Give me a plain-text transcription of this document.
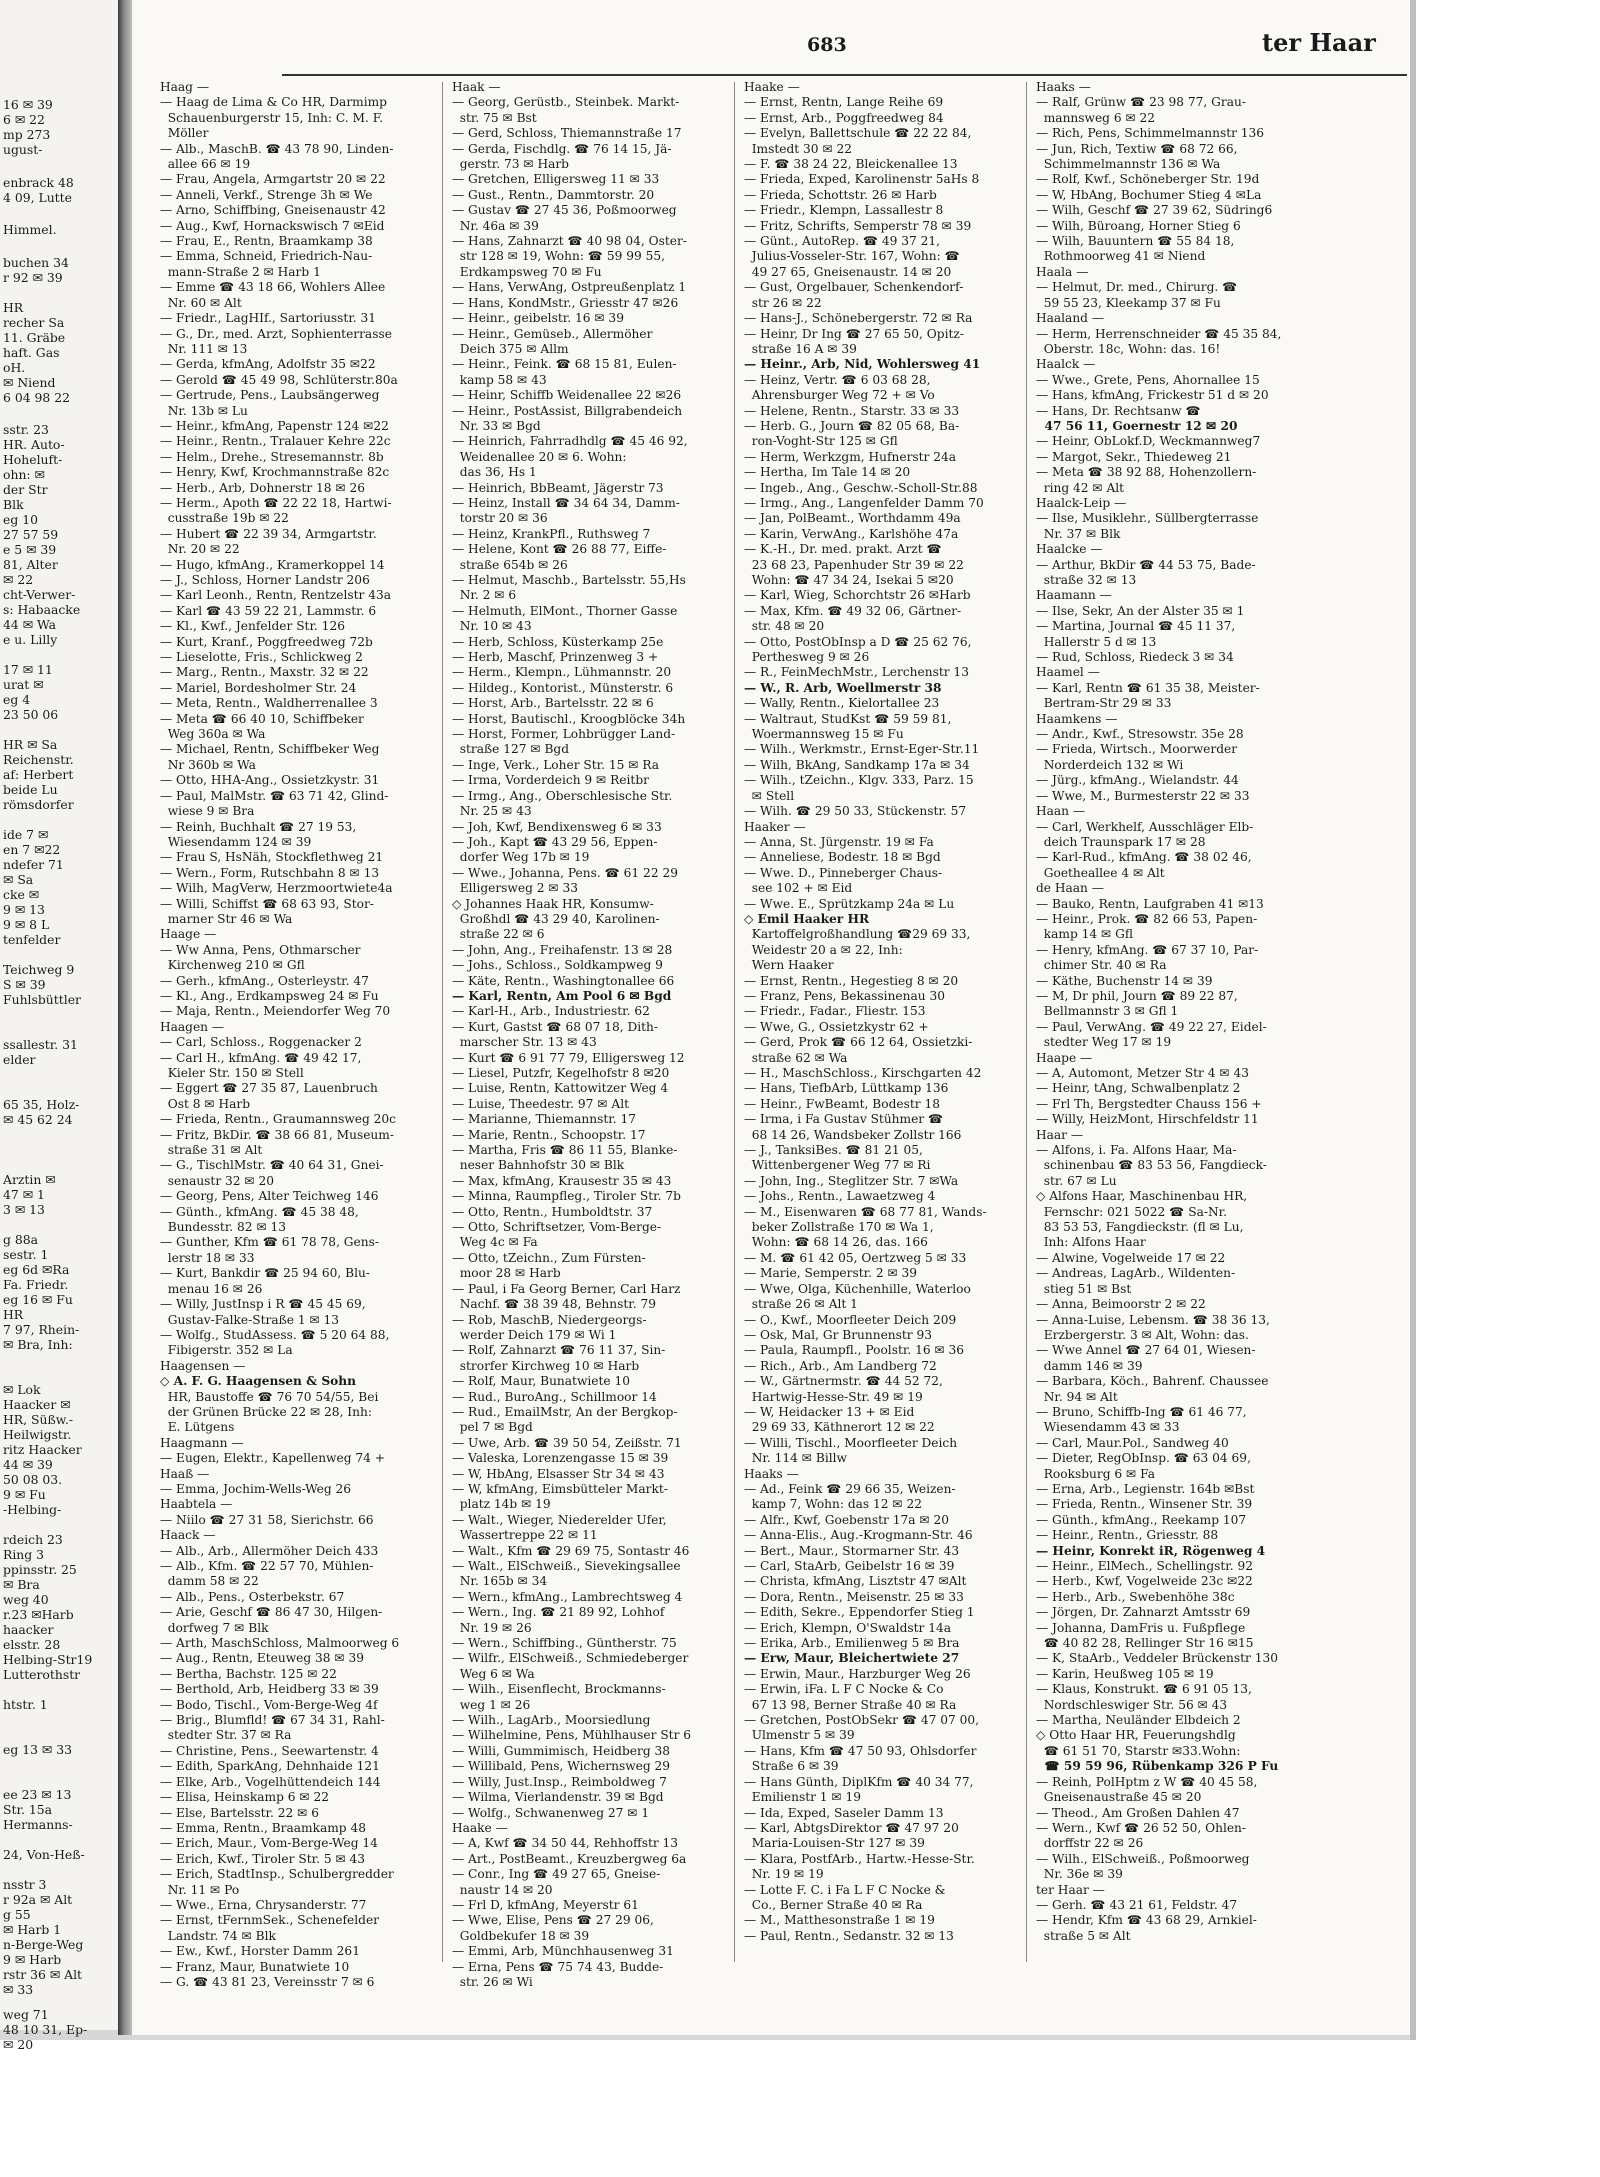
16 ✉ 39
6 ✉ 22
mp 273
ugust-
enbrack 48
4 09, Lutte
Himmel.
buchen 34
r 92 ✉ 39
HR
recher Sa
11. Gräbe
haft. Gas
oH.
✉ Niend
6 04 98 22
sstr. 23
HR. Auto-
Hoheluft-
ohn: ✉
der Str
Blk
eg 10
27 57 59
e 5 ✉ 39
81, Alter
✉ 22
cht-Verwer-
s: Habaacke
44 ✉ Wa
e u. Lilly
17 ✉ 11
urat ✉
eg 4
23 50 06
HR ✉ Sa
Reichenstr.
af: Herbert
beide Lu
römsdorfer
ide 7 ✉
en 7 ✉22
ndefer 71
✉ Sa
cke ✉
9 ✉ 13
9 ✉ 8 L
tenfelder
Teichweg 9
S ✉ 39
Fuhlsbüttler
ssallestr. 31
elder
65 35, Holz-
✉ 45 62 24
Arztin ✉
47 ✉ 1
3 ✉ 13
g 88a
sestr. 1
eg 6d ✉Ra
Fa. Friedr.
eg 16 ✉ Fu
HR
7 97, Rhein-
✉ Bra, Inh:
✉ Lok
Haacker ✉
HR, Süßw.-
Heilwigstr.
ritz Haacker
44 ✉ 39
50 08 03.
9 ✉ Fu
-Helbing-
rdeich 23
Ring 3
ppinsstr. 25
✉ Bra
weg 40
r.23 ✉Harb
haacker
elsstr. 28
Helbing-Str19
Lutterothstr
htstr. 1
eg 13 ✉ 33
ee 23 ✉ 13
Str. 15a
Hermanns-
24, Von-Heß-
nsstr 3
r 92a ✉ Alt
g 55
✉ Harb 1
n-Berge-Weg
9 ✉ Harb
rstr 36 ✉ Alt
✉ 33
weg 71
48 10 31, Ep-
✉ 20
683	ter Haar
Haag —
— Haag de Lima & Co HR, Darmimp
Schauenburgerstr 15, Inh: C. M. F.
Möller
— Alb., MaschB. ☎ 43 78 90, Linden-
allee 66 ✉ 19
— Frau, Angela, Armgartstr 20 ✉ 22
— Anneli, Verkf., Strenge 3h ✉ We
— Arno, Schiffbing, Gneisenaustr 42
— Aug., Kwf, Hornackswisch 7 ✉Eid
— Frau, E., Rentn, Braamkamp 38
— Emma, Schneid, Friedrich-Nau-
mann-Straße 2 ✉ Harb 1
— Emme ☎ 43 18 66, Wohlers Allee
Nr. 60 ✉ Alt
— Friedr., LagHIf., Sartoriusstr. 31
— G., Dr., med. Arzt, Sophienterrasse
Nr. 111 ✉ 13
— Gerda, kfmAng, Adolfstr 35 ✉22
— Gerold ☎ 45 49 98, Schlüterstr.80a
— Gertrude, Pens., Laubsängerweg
Nr. 13b ✉ Lu
— Heinr., kfmAng, Papenstr 124 ✉22
— Heinr., Rentn., Tralauer Kehre 22c
— Helm., Drehe., Stresemannstr. 8b
— Henry, Kwf, Krochmannstraße 82c
— Herb., Arb, Dohnerstr 18 ✉ 26
— Herm., Apoth ☎ 22 22 18, Hartwi-
cusstraße 19b ✉ 22
— Hubert ☎ 22 39 34, Armgartstr.
Nr. 20 ✉ 22
— Hugo, kfmAng., Kramerkoppel 14
— J., Schloss, Horner Landstr 206
— Karl Leonh., Rentn, Rentzelstr 43a
— Karl ☎ 43 59 22 21, Lammstr. 6
— Kl., Kwf., Jenfelder Str. 126
— Kurt, Kranf., Poggfreedweg 72b
— Lieselotte, Fris., Schlickweg 2
— Marg., Rentn., Maxstr. 32 ✉ 22
— Mariel, Bordesholmer Str. 24
— Meta, Rentn., Waldherrenallee 3
— Meta ☎ 66 40 10, Schiffbeker
Weg 360a ✉ Wa
— Michael, Rentn, Schiffbeker Weg
Nr 360b ✉ Wa
— Otto, HHA-Ang., Ossietzkystr. 31
— Paul, MalMstr. ☎ 63 71 42, Glind-
wiese 9 ✉ Bra
— Reinh, Buchhalt ☎ 27 19 53,
Wiesendamm 124 ✉ 39
— Frau S, HsNäh, Stockflethweg 21
— Wern., Form, Rutschbahn 8 ✉ 13
— Wilh, MagVerw, Herzmoortwiete4a
— Willi, Schiffst ☎ 68 63 93, Stor-
marner Str 46 ✉ Wa
Haage —
— Ww Anna, Pens, Othmarscher
Kirchenweg 210 ✉ Gfl
— Gerh., kfmAng., Osterleystr. 47
— Kl., Ang., Erdkampsweg 24 ✉ Fu
— Maja, Rentn., Meiendorfer Weg 70
Haagen —
— Carl, Schloss., Roggenacker 2
— Carl H., kfmAng. ☎ 49 42 17,
Kieler Str. 150 ✉ Stell
— Eggert ☎ 27 35 87, Lauenbruch
Ost 8 ✉ Harb
— Frieda, Rentn., Graumannsweg 20c
— Fritz, BkDir. ☎ 38 66 81, Museum-
straße 31 ✉ Alt
— G., TischlMstr. ☎ 40 64 31, Gnei-
senaustr 32 ✉ 20
— Georg, Pens, Alter Teichweg 146
— Günth., kfmAng. ☎ 45 38 48,
Bundesstr. 82 ✉ 13
— Gunther, Kfm ☎ 61 78 78, Gens-
lerstr 18 ✉ 33
— Kurt, Bankdir ☎ 25 94 60, Blu-
menau 16 ✉ 26
— Willy, JustInsp i R ☎ 45 45 69,
Gustav-Falke-Straße 1 ✉ 13
— Wolfg., StudAssess. ☎ 5 20 64 88,
Fibigerstr. 352 ✉ La
Haagensen —
◇ A. F. G. Haagensen & Sohn
HR, Baustoffe ☎ 76 70 54/55, Bei
der Grünen Brücke 22 ✉ 28, Inh:
E. Lütgens
Haagmann —
— Eugen, Elektr., Kapellenweg 74 +
Haaß —
— Emma, Jochim-Wells-Weg 26
Haabtela —
— Niilo ☎ 27 31 58, Sierichstr. 66
Haack —
— Alb., Arb., Allermöher Deich 433
— Alb., Kfm. ☎ 22 57 70, Mühlen-
damm 58 ✉ 22
— Alb., Pens., Osterbekstr. 67
— Arie, Geschf ☎ 86 47 30, Hilgen-
dorfweg 7 ✉ Blk
— Arth, MaschSchloss, Malmoorweg 6
— Aug., Rentn, Eteuweg 38 ✉ 39
— Bertha, Bachstr. 125 ✉ 22
— Berthold, Arb, Heidberg 33 ✉ 39
— Bodo, Tischl., Vom-Berge-Weg 4f
— Brig., Blumfld! ☎ 67 34 31, Rahl-
stedter Str. 37 ✉ Ra
— Christine, Pens., Seewartenstr. 4
— Edith, SparkAng, Dehnhaide 121
— Elke, Arb., Vogelhüttendeich 144
— Elisa, Heinskamp 6 ✉ 22
— Else, Bartelsstr. 22 ✉ 6
— Emma, Rentn., Braamkamp 48
— Erich, Maur., Vom-Berge-Weg 14
— Erich, Kwf., Tiroler Str. 5 ✉ 43
— Erich, StadtInsp., Schulbergredder
Nr. 11 ✉ Po
— Wwe., Erna, Chrysanderstr. 77
— Ernst, tFernmSek., Schenefelder
Landstr. 74 ✉ Blk
— Ew., Kwf., Horster Damm 261
— Franz, Maur, Bunatwiete 10
— G. ☎ 43 81 23, Vereinsstr 7 ✉ 6
Haak —
— Georg, Gerüstb., Steinbek. Markt-
str. 75 ✉ Bst
— Gerd, Schloss, Thiemannstraße 17
— Gerda, Fischdlg. ☎ 76 14 15, Jä-
gerstr. 73 ✉ Harb
— Gretchen, Elligersweg 11 ✉ 33
— Gust., Rentn., Dammtorstr. 20
— Gustav ☎ 27 45 36, Poßmoorweg
Nr. 46a ✉ 39
— Hans, Zahnarzt ☎ 40 98 04, Oster-
str 128 ✉ 19, Wohn: ☎ 59 99 55,
Erdkampsweg 70 ✉ Fu
— Hans, VerwAng, Ostpreußenplatz 1
— Hans, KondMstr., Griesstr 47 ✉26
— Heinr., geibelstr. 16 ✉ 39
— Heinr., Gemüseb., Allermöher
Deich 375 ✉ Allm
— Heinr., Feink. ☎ 68 15 81, Eulen-
kamp 58 ✉ 43
— Heinr, Schiffb Weidenallee 22 ✉26
— Heinr., PostAssist, Billgrabendeich
Nr. 33 ✉ Bgd
— Heinrich, Fahrradhdlg ☎ 45 46 92,
Weidenallee 20 ✉ 6. Wohn:
das 36, Hs 1
— Heinrich, BbBeamt, Jägerstr 73
— Heinz, Install ☎ 34 64 34, Damm-
torstr 20 ✉ 36
— Heinz, KrankPfl., Ruthsweg 7
— Helene, Kont ☎ 26 88 77, Eiffe-
straße 654b ✉ 26
— Helmut, Maschb., Bartelsstr. 55,Hs
Nr. 2 ✉ 6
— Helmuth, ElMont., Thorner Gasse
Nr. 10 ✉ 43
— Herb, Schloss, Küsterkamp 25e
— Herb, Maschf, Prinzenweg 3 +
— Herm., Klempn., Lühmannstr. 20
— Hildeg., Kontorist., Münsterstr. 6
— Horst, Arb., Bartelsstr. 22 ✉ 6
— Horst, Bautischl., Kroogblöcke 34h
— Horst, Former, Lohbrügger Land-
straße 127 ✉ Bgd
— Inge, Verk., Loher Str. 15 ✉ Ra
— Irma, Vorderdeich 9 ✉ Reitbr
— Irmg., Ang., Oberschlesische Str.
Nr. 25 ✉ 43
— Joh, Kwf, Bendixensweg 6 ✉ 33
— Joh., Kapt ☎ 43 29 56, Eppen-
dorfer Weg 17b ✉ 19
— Wwe., Johanna, Pens. ☎ 61 22 29
Elligersweg 2 ✉ 33
◇ Johannes Haak HR, Konsumw-
Großhdl ☎ 43 29 40, Karolinen-
straße 22 ✉ 6
— John, Ang., Freihafenstr. 13 ✉ 28
— Johs., Schloss., Soldkampweg 9
— Käte, Rentn., Washingtonallee 66
— Karl, Rentn, Am Pool 6 ✉ Bgd
— Karl-H., Arb., Industriestr. 62
— Kurt, Gastst ☎ 68 07 18, Dith-
marscher Str. 13 ✉ 43
— Kurt ☎ 6 91 77 79, Elligersweg 12
— Liesel, Putzfr, Kegelhofstr 8 ✉20
— Luise, Rentn, Kattowitzer Weg 4
— Luise, Theedestr. 97 ✉ Alt
— Marianne, Thiemannstr. 17
— Marie, Rentn., Schoopstr. 17
— Martha, Fris ☎ 86 11 55, Blanke-
neser Bahnhofstr 30 ✉ Blk
— Max, kfmAng, Krausestr 35 ✉ 43
— Minna, Raumpfleg., Tiroler Str. 7b
— Otto, Rentn., Humboldtstr. 37
— Otto, Schriftsetzer, Vom-Berge-
Weg 4c ✉ Fa
— Otto, tZeichn., Zum Fürsten-
moor 28 ✉ Harb
— Paul, i Fa Georg Berner, Carl Harz
Nachf. ☎ 38 39 48, Behnstr. 79
— Rob, MaschB, Niedergeorgs-
werder Deich 179 ✉ Wi 1
— Rolf, Zahnarzt ☎ 76 11 37, Sin-
strorfer Kirchweg 10 ✉ Harb
— Rolf, Maur, Bunatwiete 10
— Rud., BuroAng., Schillmoor 14
— Rud., EmailMstr, An der Bergkop-
pel 7 ✉ Bgd
— Uwe, Arb. ☎ 39 50 54, Zeißstr. 71
— Valeska, Lorenzengasse 15 ✉ 39
— W, HbAng, Elsasser Str 34 ✉ 43
— W, kfmAng, Eimsbütteler Markt-
platz 14b ✉ 19
— Walt., Wieger, Niederelder Ufer,
Wassertreppe 22 ✉ 11
— Walt., Kfm ☎ 29 69 75, Sontastr 46
— Walt., ElSchweiß., Sievekingsallee
Nr. 165b ✉ 34
— Wern., kfmAng., Lambrechtsweg 4
— Wern., Ing. ☎ 21 89 92, Lohhof
Nr. 19 ✉ 26
— Wern., Schiffbing., Güntherstr. 75
— Wilfr., ElSchweiß., Schmiedeberger
Weg 6 ✉ Wa
— Wilh., Eisenflecht, Brockmanns-
weg 1 ✉ 26
— Wilh., LagArb., Moorsiedlung
— Wilhelmine, Pens, Mühlhauser Str 6
— Willi, Gummimisch, Heidberg 38
— Willibald, Pens, Wichernsweg 29
— Willy, Just.Insp., Reimboldweg 7
— Wilma, Vierlandenstr. 39 ✉ Bgd
— Wolfg., Schwanenweg 27 ✉ 1
Haake —
— A, Kwf ☎ 34 50 44, Rehhoffstr 13
— Art., PostBeamt., Kreuzbergweg 6a
— Conr., Ing ☎ 49 27 65, Gneise-
naustr 14 ✉ 20
— Frl D, kfmAng, Meyerstr 61
— Wwe, Elise, Pens ☎ 27 29 06,
Goldbekufer 18 ✉ 39
— Emmi, Arb, Münchhausenweg 31
— Erna, Pens ☎ 75 74 43, Budde-
str. 26 ✉ Wi
Haake —
— Ernst, Rentn, Lange Reihe 69
— Ernst, Arb., Poggfreedweg 84
— Evelyn, Ballettschule ☎ 22 22 84,
Imstedt 30 ✉ 22
— F. ☎ 38 24 22, Bleickenallee 13
— Frieda, Exped, Karolinenstr 5aHs 8
— Frieda, Schottstr. 26 ✉ Harb
— Friedr., Klempn, Lassallestr 8
— Fritz, Schrifts, Semperstr 78 ✉ 39
— Günt., AutoRep. ☎ 49 37 21,
Julius-Vosseler-Str. 167, Wohn: ☎
49 27 65, Gneisenaustr. 14 ✉ 20
— Gust, Orgelbauer, Schenkendorf-
str 26 ✉ 22
— Hans-J., Schönebergerstr. 72 ✉ Ra
— Heinr, Dr Ing ☎ 27 65 50, Opitz-
straße 16 A ✉ 39
— Heinr., Arb, Nid, Wohlersweg 41
— Heinz, Vertr. ☎ 6 03 68 28,
Ahrensburger Weg 72 + ✉ Vo
— Helene, Rentn., Starstr. 33 ✉ 33
— Herb. G., Journ ☎ 82 05 68, Ba-
ron-Voght-Str 125 ✉ Gfl
— Herm, Werkzgm, Hufnerstr 24a
— Hertha, Im Tale 14 ✉ 20
— Ingeb., Ang., Geschw.-Scholl-Str.88
— Irmg., Ang., Langenfelder Damm 70
— Jan, PolBeamt., Worthdamm 49a
— Karin, VerwAng., Karlshöhe 47a
— K.-H., Dr. med. prakt. Arzt ☎
23 68 23, Papenhuder Str 39 ✉ 22
Wohn: ☎ 47 34 24, Isekai 5 ✉20
— Karl, Wieg, Schorchtstr 26 ✉Harb
— Max, Kfm. ☎ 49 32 06, Gärtner-
str. 48 ✉ 20
— Otto, PostObInsp a D ☎ 25 62 76,
Perthesweg 9 ✉ 26
— R., FeinMechMstr., Lerchenstr 13
— W., R. Arb, Woellmerstr 38
— Wally, Rentn., Kielortallee 23
— Waltraut, StudKst ☎ 59 59 81,
Woermannsweg 15 ✉ Fu
— Wilh., Werkmstr., Ernst-Eger-Str.11
— Wilh, BkAng, Sandkamp 17a ✉ 34
— Wilh., tZeichn., Klgv. 333, Parz. 15
✉ Stell
— Wilh. ☎ 29 50 33, Stückenstr. 57
Haaker —
— Anna, St. Jürgenstr. 19 ✉ Fa
— Anneliese, Bodestr. 18 ✉ Bgd
— Wwe. D., Pinneberger Chaus-
see 102 + ✉ Eid
— Wwe. E., Sprützkamp 24a ✉ Lu
◇ Emil Haaker HR
Kartoffelgroßhandlung ☎29 69 33,
Weidestr 20 a ✉ 22, Inh:
Wern Haaker
— Ernst, Rentn., Hegestieg 8 ✉ 20
— Franz, Pens, Bekassinenau 30
— Friedr., Fadar., Fliestr. 153
— Wwe, G., Ossietzkystr 62 +
— Gerd, Prok ☎ 66 12 64, Ossietzki-
straße 62 ✉ Wa
— H., MaschSchloss., Kirschgarten 42
— Hans, TiefbArb, Lüttkamp 136
— Heinr., FwBeamt, Bodestr 18
— Irma, i Fa Gustav Stühmer ☎
68 14 26, Wandsbeker Zollstr 166
— J., TanksiBes. ☎ 81 21 05,
Wittenbergener Weg 77 ✉ Ri
— John, Ing., Steglitzer Str. 7 ✉Wa
— Johs., Rentn., Lawaetzweg 4
— M., Eisenwaren ☎ 68 77 81, Wands-
beker Zollstraße 170 ✉ Wa 1,
Wohn: ☎ 68 14 26, das. 166
— M. ☎ 61 42 05, Oertzweg 5 ✉ 33
— Marie, Semperstr. 2 ✉ 39
— Wwe, Olga, Küchenhille, Waterloo
straße 26 ✉ Alt 1
— O., Kwf., Moorfleeter Deich 209
— Osk, Mal, Gr Brunnenstr 93
— Paula, Raumpfl., Poolstr. 16 ✉ 36
— Rich., Arb., Am Landberg 72
— W., Gärtnermstr. ☎ 44 52 72,
Hartwig-Hesse-Str. 49 ✉ 19
— W, Heidacker 13 + ✉ Eid
29 69 33, Käthnerort 12 ✉ 22
— Willi, Tischl., Moorfleeter Deich
Nr. 114 ✉ Billw
Haaks —
— Ad., Feink ☎ 29 66 35, Weizen-
kamp 7, Wohn: das 12 ✉ 22
— Alfr., Kwf, Goebenstr 17a ✉ 20
— Anna-Elis., Aug.-Krogmann-Str. 46
— Bert., Maur., Stormarner Str. 43
— Carl, StaArb, Geibelstr 16 ✉ 39
— Christa, kfmAng, Lisztstr 47 ✉Alt
— Dora, Rentn., Meisenstr. 25 ✉ 33
— Edith, Sekre., Eppendorfer Stieg 1
— Erich, Klempn, O'Swaldstr 14a
— Erika, Arb., Emilienweg 5 ✉ Bra
— Erw, Maur, Bleichertwiete 27
— Erwin, Maur., Harzburger Weg 26
— Erwin, iFa. L F C Nocke & Co
67 13 98, Berner Straße 40 ✉ Ra
— Gretchen, PostObSekr ☎ 47 07 00,
Ulmenstr 5 ✉ 39
— Hans, Kfm ☎ 47 50 93, Ohlsdorfer
Straße 6 ✉ 39
— Hans Günth, DiplKfm ☎ 40 34 77,
Emilienstr 1 ✉ 19
— Ida, Exped, Saseler Damm 13
— Karl, AbtgsDirektor ☎ 47 97 20
Maria-Louisen-Str 127 ✉ 39
— Klara, PostfArb., Hartw.-Hesse-Str.
Nr. 19 ✉ 19
— Lotte F. C. i Fa L F C Nocke &
Co., Berner Straße 40 ✉ Ra
— M., Matthesonstraße 1 ✉ 19
— Paul, Rentn., Sedanstr. 32 ✉ 13
Haaks —
— Ralf, Grünw ☎ 23 98 77, Grau-
mannsweg 6 ✉ 22
— Rich, Pens, Schimmelmannstr 136
— Jun, Rich, Textiw ☎ 68 72 66,
Schimmelmannstr 136 ✉ Wa
— Rolf, Kwf., Schöneberger Str. 19d
— W, HbAng, Bochumer Stieg 4 ✉La
— Wilh, Geschf ☎ 27 39 62, Südring6
— Wilh, Büroang, Horner Stieg 6
— Wilh, Bauuntern ☎ 55 84 18,
Rothmoorweg 41 ✉ Niend
Haala —
— Helmut, Dr. med., Chirurg. ☎
59 55 23, Kleekamp 37 ✉ Fu
Haaland —
— Herm, Herrenschneider ☎ 45 35 84,
Oberstr. 18c, Wohn: das. 16!
Haalck —
— Wwe., Grete, Pens, Ahornallee 15
— Hans, kfmAng, Frickestr 51 d ✉ 20
— Hans, Dr. Rechtsanw ☎
47 56 11, Goernestr 12 ✉ 20
— Heinr, ObLokf.D, Weckmannweg7
— Margot, Sekr., Thiedeweg 21
— Meta ☎ 38 92 88, Hohenzollern-
ring 42 ✉ Alt
Haalck-Leip —
— Ilse, Musiklehr., Süllbergterrasse
Nr. 37 ✉ Blk
Haalcke —
— Arthur, BkDir ☎ 44 53 75, Bade-
straße 32 ✉ 13
Haamann —
— Ilse, Sekr, An der Alster 35 ✉ 1
— Martina, Journal ☎ 45 11 37,
Hallerstr 5 d ✉ 13
— Rud, Schloss, Riedeck 3 ✉ 34
Haamel —
— Karl, Rentn ☎ 61 35 38, Meister-
Bertram-Str 29 ✉ 33
Haamkens —
— Andr., Kwf., Stresowstr. 35e 28
— Frieda, Wirtsch., Moorwerder
Norderdeich 132 ✉ Wi
— Jürg., kfmAng., Wielandstr. 44
— Wwe, M., Burmesterstr 22 ✉ 33
Haan —
— Carl, Werkhelf, Ausschläger Elb-
deich Traunspark 17 ✉ 28
— Karl-Rud., kfmAng. ☎ 38 02 46,
Goetheallee 4 ✉ Alt
de Haan —
— Bauko, Rentn, Laufgraben 41 ✉13
— Heinr., Prok. ☎ 82 66 53, Papen-
kamp 14 ✉ Gfl
— Henry, kfmAng. ☎ 67 37 10, Par-
chimer Str. 40 ✉ Ra
— Käthe, Buchenstr 14 ✉ 39
— M, Dr phil, Journ ☎ 89 22 87,
Bellmannstr 3 ✉ Gfl 1
— Paul, VerwAng. ☎ 49 22 27, Eidel-
stedter Weg 17 ✉ 19
Haape —
— A, Automont, Metzer Str 4 ✉ 43
— Heinr, tAng, Schwalbenplatz 2
— Frl Th, Bergstedter Chauss 156 +
— Willy, HeizMont, Hirschfeldstr 11
Haar —
— Alfons, i. Fa. Alfons Haar, Ma-
schinenbau ☎ 83 53 56, Fangdieck-
str. 67 ✉ Lu
◇ Alfons Haar, Maschinenbau HR,
Fernschr: 021 5022 ☎ Sa-Nr.
83 53 53, Fangdieckstr. (fl ✉ Lu,
Inh: Alfons Haar
— Alwine, Vogelweide 17 ✉ 22
— Andreas, LagArb., Wildenten-
stieg 51 ✉ Bst
— Anna, Beimoorstr 2 ✉ 22
— Anna-Luise, Lebensm. ☎ 38 36 13,
Erzbergerstr. 3 ✉ Alt, Wohn: das.
— Wwe Annel ☎ 27 64 01, Wiesen-
damm 146 ✉ 39
— Barbara, Köch., Bahrenf. Chaussee
Nr. 94 ✉ Alt
— Bruno, Schiffb-Ing ☎ 61 46 77,
Wiesendamm 43 ✉ 33
— Carl, Maur.Pol., Sandweg 40
— Dieter, RegObInsp. ☎ 63 04 69,
Rooksburg 6 ✉ Fa
— Erna, Arb., Legienstr. 164b ✉Bst
— Frieda, Rentn., Winsener Str. 39
— Günth., kfmAng., Reekamp 107
— Heinr., Rentn., Griesstr. 88
— Heinr, Konrekt iR, Rögenweg 4
— Heinr., ElMech., Schellingstr. 92
— Herb., Kwf, Vogelweide 23c ✉22
— Herb., Arb., Swebenhöhe 38c
— Jörgen, Dr. Zahnarzt Amtsstr 69
— Johanna, DamFris u. Fußpflege
☎ 40 82 28, Rellinger Str 16 ✉15
— K, StaArb., Veddeler Brückenstr 130
— Karin, Heußweg 105 ✉ 19
— Klaus, Konstrukt. ☎ 6 91 05 13,
Nordschleswiger Str. 56 ✉ 43
— Martha, Neuländer Elbdeich 2
◇ Otto Haar HR, Feuerungshdlg
☎ 61 51 70, Starstr ✉33.Wohn:
☎ 59 59 96, Rübenkamp 326 P Fu
— Reinh, PolHptm z W ☎ 40 45 58,
Gneisenaustraße 45 ✉ 20
— Theod., Am Großen Dahlen 47
— Wern., Kwf ☎ 26 52 50, Ohlen-
dorffstr 22 ✉ 26
— Wilh., ElSchweiß., Poßmoorweg
Nr. 36e ✉ 39
ter Haar —
— Gerh. ☎ 43 21 61, Feldstr. 47
— Hendr, Kfm ☎ 43 68 29, Arnkiel-
straße 5 ✉ Alt
